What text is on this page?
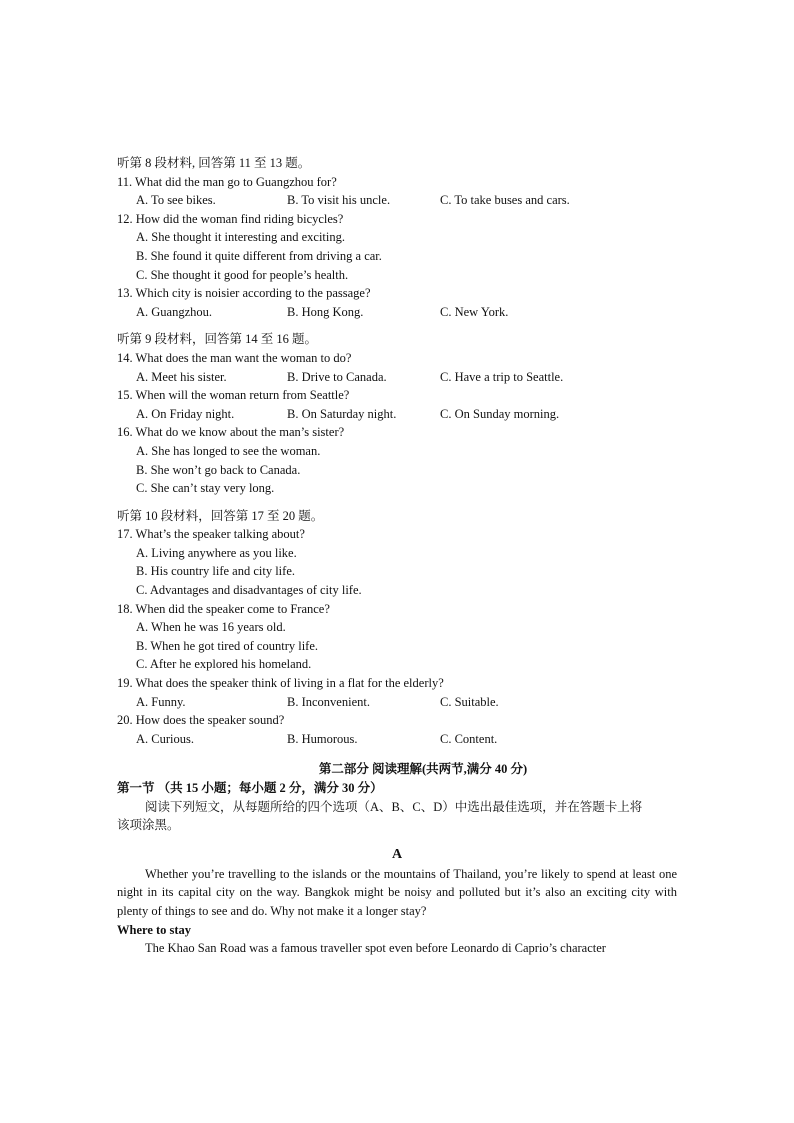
听第 8 段材料, 回答第 11 至 13 题。
11. What did the man go to Guangzhou for?
A. To see bikes.	B. To visit his uncle.	C. To take buses and cars.
12. How did the woman find riding bicycles?
A. She thought it interesting and exciting.
B. She found it quite different from driving a car.
C. She thought it good for people’s health.
13. Which city is noisier according to the passage?
A. Guangzhou.	B. Hong Kong.	C. New York.
听第 9 段材料，回答第 14 至 16 题。
14. What does the man want the woman to do?
A. Meet his sister.	B. Drive to Canada.	C. Have a trip to Seattle.
15. When will the woman return from Seattle?
A. On Friday night.	B. On Saturday night.	C. On Sunday morning.
16. What do we know about the man’s sister?
A. She has longed to see the woman.
B. She won’t go back to Canada.
C. She can’t stay very long.
听第 10 段材料，回答第 17 至 20 题。
17. What’s the speaker talking about?
A. Living anywhere as you like.
B. His country life and city life.
C. Advantages and disadvantages of city life.
18. When did the speaker come to France?
A. When he was 16 years old.
B. When he got tired of country life.
C. After he explored his homeland.
19. What does the speaker think of living in a flat for the elderly?
A. Funny.	B. Inconvenient.	C. Suitable.
20. How does the speaker sound?
A. Curious.	B. Humorous.	C. Content.
第二部分 阅读理解(共两节,满分 40 分)
第一节 （共 15 小题；每小题 2 分，满分 30 分）
阅读下列短文，从每题所给的四个选项（A、B、C、D）中选出最佳选项，并在答题卡上将
该项涂黑。
A
Whether you’re travelling to the islands or the mountains of Thailand, you’re likely to spend at least one night in its capital city on the way. Bangkok might be noisy and polluted but it’s also an exciting city with plenty of things to see and do. Why not make it a longer stay?
Where to stay
The Khao San Road was a famous traveller spot even before Leonardo di Caprio’s character
